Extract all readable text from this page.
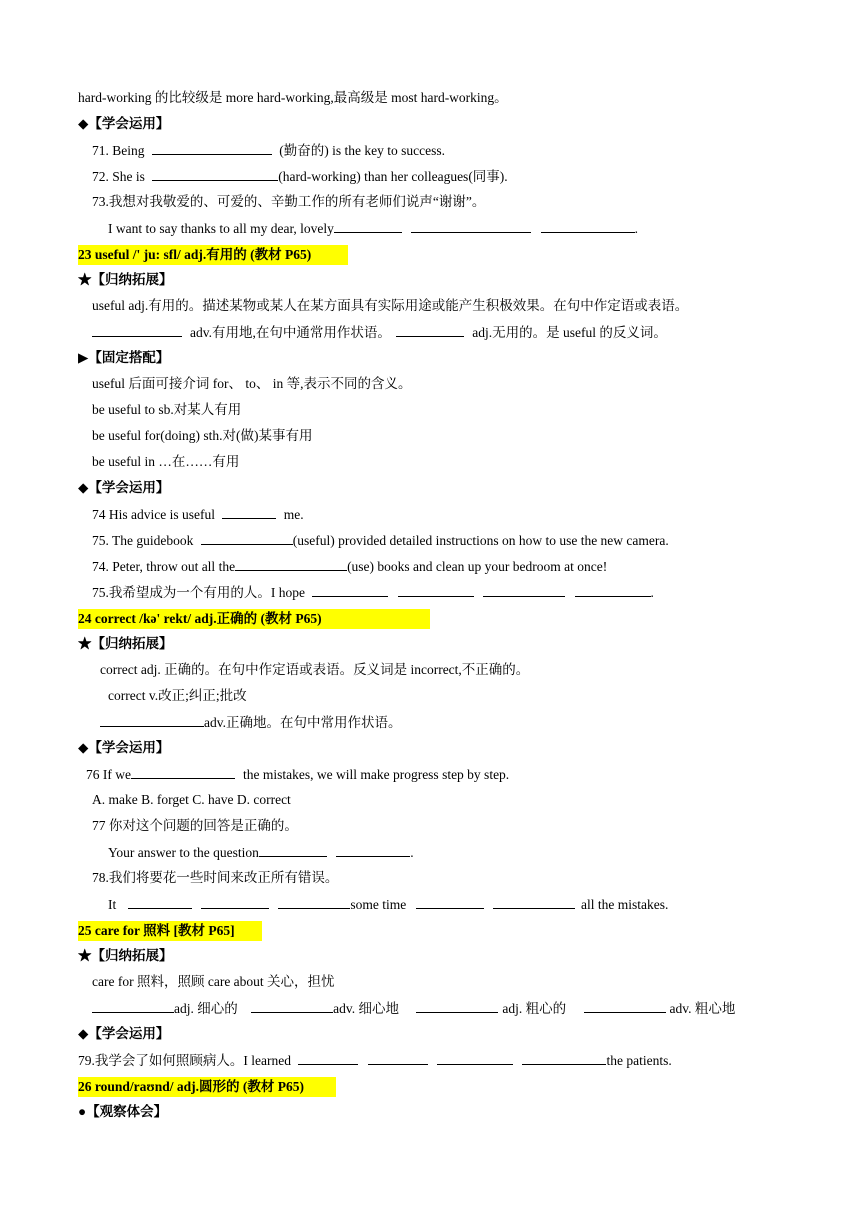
hard-working 的比较级是 more hard-working,最高级是 most hard-working。
◆【学会运用】
71. Being	(勤奋的) is the key to success.
72. She is	(hard-working) than her colleagues(同事).
73.我想对我敬爱的、可爱的、辛勤工作的所有老师们说声“谢谢”。
I want to say thanks to all my dear, lovely	.
23 useful /' ju: sfl/ adj.有用的 (教材 P65)
★【归纳拓展】
useful adj.有用的。描述某物或某人在某方面具有实际用途或能产生积极效果。在句中作定语或表语。
adv.有用地,在句中通常用作状语。	adj.无用的。是 useful 的反义词。
▶【固定搭配】
useful 后面可接介词 for、 to、 in 等,表示不同的含义。
be useful to sb.对某人有用
be useful for(doing) sth.对(做)某事有用
be useful in …在……有用
◆【学会运用】
74 His advice is useful	me.
75. The guidebook	(useful) provided detailed instructions on how to use the new camera.
74. Peter, throw out all the	(use) books and clean up your bedroom at once!
75.我希望成为一个有用的人。I hope	.
24 correct /kə' rekt/ adj.正确的 (教材 P65)
★【归纳拓展】
correct adj. 正确的。在句中作定语或表语。反义词是 incorrect,不正确的。
correct v.改正;纠正;批改
adv.正确地。在句中常用作状语。
◆【学会运用】
76 If we	the mistakes, we will make progress step by step.
A. make B. forget C. have D. correct
77 你对这个问题的回答是正确的。
Your answer to the question	.
78.我们将要花一些时间来改正所有错误。
It	some time	all the mistakes.
25 care for 照料 [教材 P65]
★【归纳拓展】
care for 照料，照顾 care about 关心，担忧
adj. 细心的	adv. 细心地	adj. 粗心的	adv. 粗心地
◆【学会运用】
79.我学会了如何照顾病人。I learned	the patients.
26 round/raʊnd/ adj.圆形的 (教材 P65)
●【观察体会】
